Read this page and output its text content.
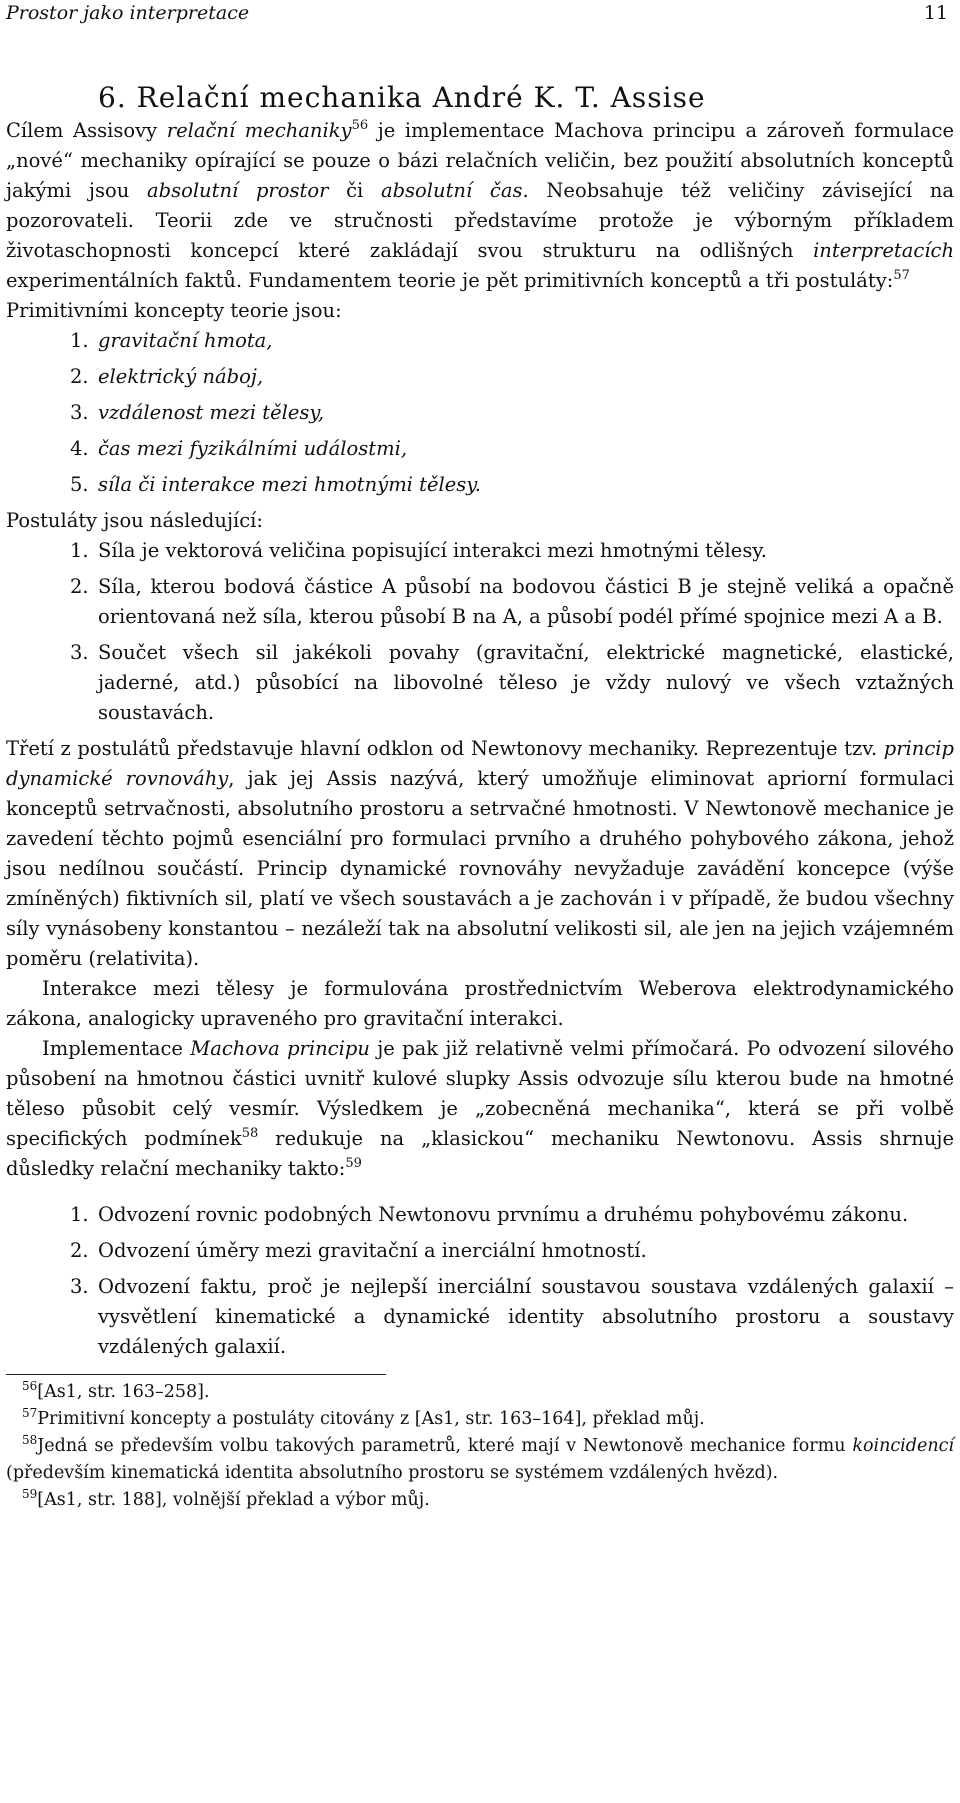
Prostor jako interpretace	11
6. Relační mechanika André K. T. Assise

Cílem Assisovy relační mechaniky$^{56}$ je implementace Machova principu a zároveň formulace „nové“ mechaniky opírající se pouze o bázi relačních veličin, bez použití absolutních konceptů jakými jsou absolutní prostor či absolutní čas. Neobsahuje též veličiny závisející na pozorovateli. Teorii zde ve stručnosti představíme protože je výborným příkladem životaschopnosti koncepcí které zakládají svou strukturu na odlišných interpretacích experimentálních faktů. Fundamentem teorie je pět primitivních konceptů a tři postuláty:$^{57}$

Primitivními koncepty teorie jsou:

1. gravitační hmota,
2. elektrický náboj,
3. vzdálenost mezi tělesy,
4. čas mezi fyzikálními událostmi,
5. síla či interakce mezi hmotnými tělesy.

Postuláty jsou následující:

1. Síla je vektorová veličina popisující interakci mezi hmotnými tělesy.
2. Síla, kterou bodová částice A působí na bodovou částici B je stejně veliká a opačně orientovaná než síla, kterou působí B na A, a působí podél přímé spojnice mezi A a B.
3. Součet všech sil jakékoli povahy (gravitační, elektrické magnetické, elastické, jaderné, atd.) působící na libovolné těleso je vždy nulový ve všech vztažných soustavách.

Třetí z postulátů představuje hlavní odklon od Newtonovy mechaniky. Reprezentuje tzv. princip dynamické rovnováhy, jak jej Assis nazývá, který umožňuje eliminovat apriorní formulaci konceptů setrvačnosti, absolutního prostoru a setrvačné hmotnosti. V Newtonově mechanice je zavedení těchto pojmů esenciální pro formulaci prvního a druhého pohybového zákona, jehož jsou nedílnou součástí. Princip dynamické rovnováhy nevyžaduje zavádění koncepce (výše zmíněných) fiktivních sil, platí ve všech soustavách a je zachován i v případě, že budou všechny síly vynásobeny konstantou – nezáleží tak na absolutní velikosti sil, ale jen na jejich vzájemném poměru (relativita).

Interakce mezi tělesy je formulována prostřednictvím Weberova elektrodynamického zákona, analogicky upraveného pro gravitační interakci.

Implementace Machova principu je pak již relativně velmi přímočará. Po odvození silového působení na hmotnou částici uvnitř kulové slupky Assis odvozuje sílu kterou bude na hmotné těleso působit celý vesmír. Výsledkem je „zobecněná mechanika“, která se při volbě specifických podmínek$^{58}$ redukuje na „klasickou“ mechaniku Newtonovu. Assis shrnuje důsledky relační mechaniky takto:$^{59}$

1. Odvození rovnic podobných Newtonovu prvnímu a druhému pohybovému zákonu.
2. Odvození úměry mezi gravitační a inerciální hmotností.
3. Odvození faktu, proč je nejlepší inerciální soustavou soustava vzdálených galaxií – vysvětlení kinematické a dynamické identity absolutního prostoru a soustavy vzdálených galaxií.

$^{56}$[As1, str. 163–258].

$^{57}$Primitivní koncepty a postuláty citovány z [As1, str. 163–164], překlad můj.

$^{58}$Jedná se především volbu takových parametrů, které mají v Newtonově mechanice formu koincidencí (především kinematická identita absolutního prostoru se systémem vzdálených hvězd).

$^{59}$[As1, str. 188], volnější překlad a výbor můj.
